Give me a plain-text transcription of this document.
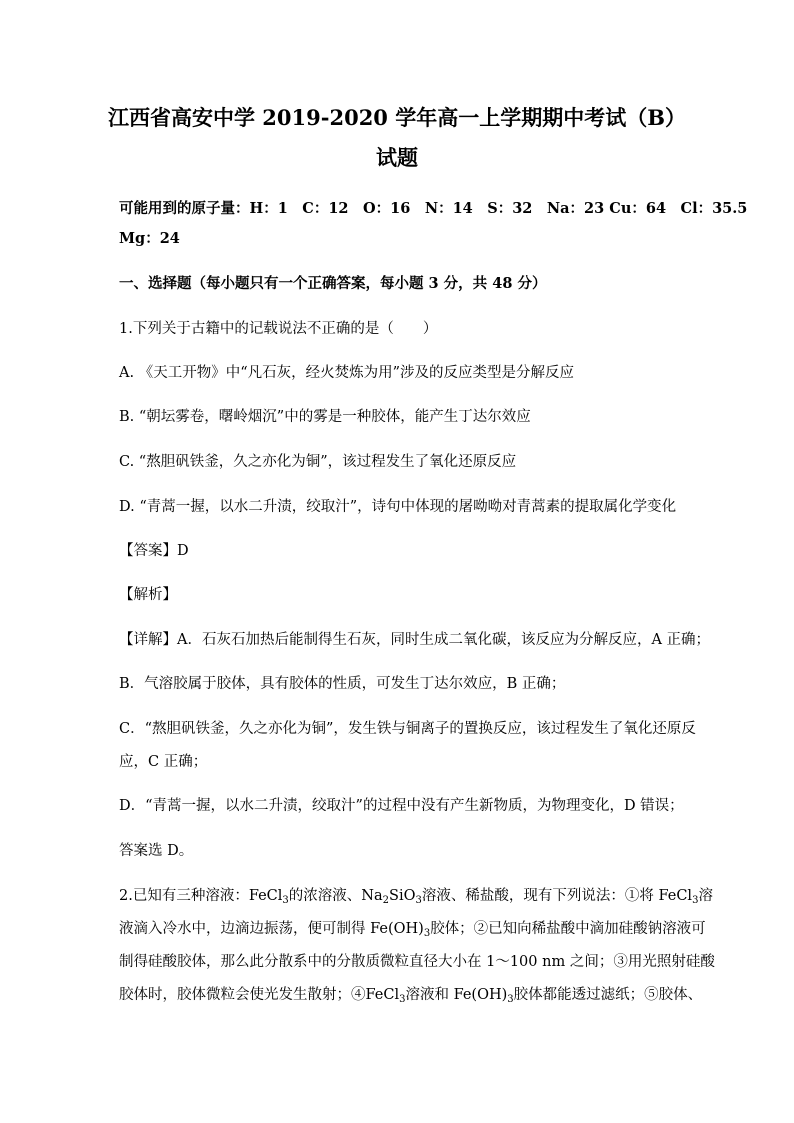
江西省高安中学 2019-2020 学年高一上学期期中考试（B）
试题
可能用到的原子量：H：1　C：12　O：16　N：14　S：32　Na：23 Cu：64　Cl：35.5
Mg：24
一、选择题（每小题只有一个正确答案，每小题 3 分，共 48 分）
1.下列关于古籍中的记载说法不正确的是（　　）
A. 《天工开物》中“凡石灰，经火焚炼为用”涉及的反应类型是分解反应
B. “朝坛雾卷，曙岭烟沉”中的雾是一种胶体，能产生丁达尔效应
C. “熬胆矾铁釜，久之亦化为铜”，该过程发生了氧化还原反应
D. “青蒿一握，以水二升渍，绞取汁”，诗句中体现的屠呦呦对青蒿素的提取属化学变化
【答案】D
【解析】
【详解】A．石灰石加热后能制得生石灰，同时生成二氧化碳，该反应为分解反应，A 正确；
B．气溶胶属于胶体，具有胶体的性质，可发生丁达尔效应，B 正确；
C．“熬胆矾铁釜，久之亦化为铜”，发生铁与铜离子的置换反应，该过程发生了氧化还原反
应，C 正确；
D．“青蒿一握，以水二升渍，绞取汁”的过程中没有产生新物质，为物理变化，D 错误；
答案选 D。
2.已知有三种溶液：FeCl$_3$的浓溶液、$Na_2SiO_3$溶液、稀盐酸，现有下列说法：①将 FeCl$_3$溶
液滴入冷水中，边滴边振荡，便可制得 $Fe(OH)_3$胶体；②已知向稀盐酸中滴加硅酸钠溶液可
制得硅酸胶体，那么此分散系中的分散质微粒直径大小在 1～100 nm 之间；③用光照射硅酸
胶体时，胶体微粒会使光发生散射；④FeCl$_3$溶液和 $Fe(OH)_3$胶体都能透过滤纸；⑤胶体、
